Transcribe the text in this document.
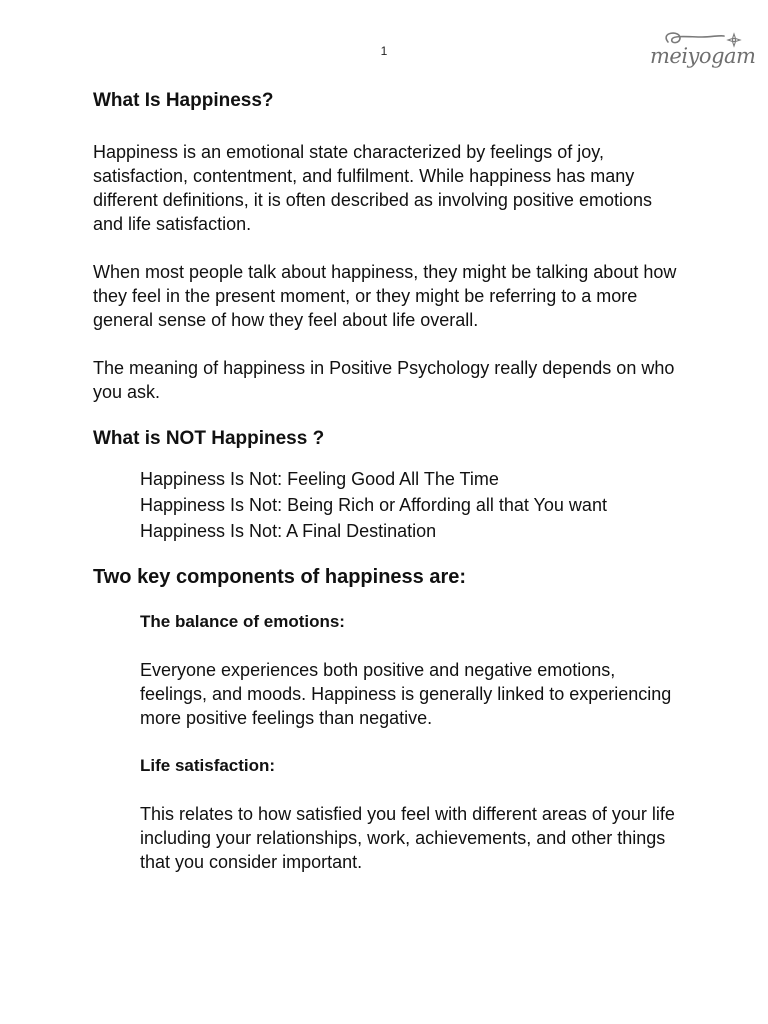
1	meiyogam
What Is Happiness?

Happiness is an emotional state characterized by feelings of joy, satisfaction, contentment, and fulfilment. While happiness has many different definitions, it is often described as involving positive emotions and life satisfaction.

When most people talk about happiness, they might be talking about how they feel in the present moment, or they might be referring to a more general sense of how they feel about life overall.

The meaning of happiness in Positive Psychology really depends on who you ask.

What is NOT Happiness ?

Happiness Is Not: Feeling Good All The Time

Happiness Is Not: Being Rich or Affording all that You want

Happiness Is Not: A Final Destination

Two key components of happiness are:

The balance of emotions:

Everyone experiences both positive and negative emotions, feelings, and moods. Happiness is generally linked to experiencing more positive feelings than negative.

Life satisfaction:

This relates to how satisfied you feel with different areas of your life including your relationships, work, achievements, and other things that you consider important.
